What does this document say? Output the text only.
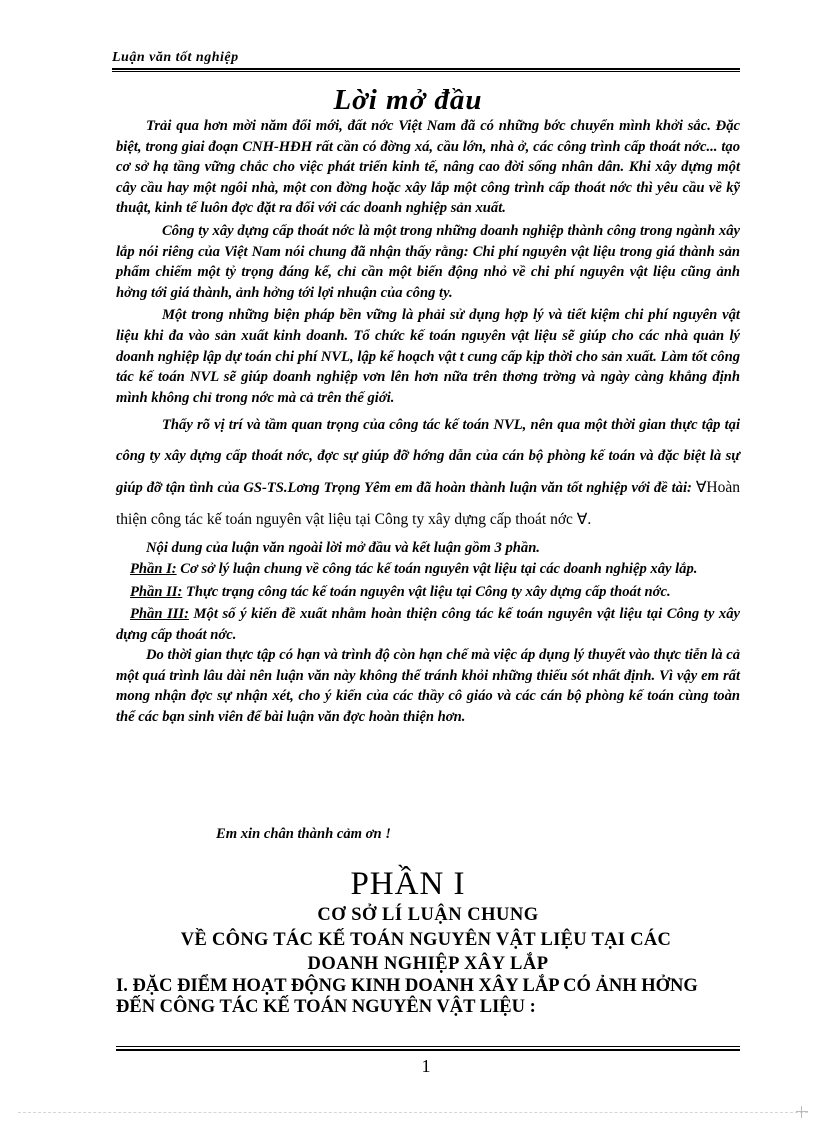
Luận văn tốt nghiệp
Lời mở đầu

Trải qua hơn mời năm đổi mới, đất nớc Việt Nam đã có những bớc chuyển mình khởi sắc. Đặc biệt, trong giai đoạn CNH-HĐH rất cần có đờng xá, cầu lớn, nhà ở, các công trình cấp thoát nớc... tạo cơ sở hạ tầng vững chắc cho việc phát triển kinh tế, nâng cao đời sống nhân dân. Khi xây dựng một cây cầu hay một ngôi nhà, một con đờng hoặc xây lắp một công trình cấp thoát nớc thì yêu cầu về kỹ thuật, kinh tế luôn đợc đặt ra đối với các doanh nghiệp sản xuất.

Công ty xây dựng cấp thoát nớc là một trong những doanh nghiệp thành công trong ngành xây lắp nói riêng của Việt Nam nói chung đã nhận thấy rằng: Chi phí nguyên vật liệu trong giá thành sản phẩm chiếm một tỷ trọng đáng kể, chỉ cần một biến động nhỏ về chi phí nguyên vật liệu cũng ảnh hởng tới giá thành, ảnh hởng tới lợi nhuận của công ty.

Một trong những biện pháp bền vững là phải sử dụng hợp lý và tiết kiệm chi phí nguyên vật liệu khi đa vào sản xuất kinh doanh. Tổ chức kế toán nguyên vật liệu sẽ giúp cho các nhà quản lý doanh nghiệp lập dự toán chi phí NVL, lập kế hoạch vật t cung cấp kịp thời cho sản xuất. Làm tốt công tác kế toán NVL sẽ giúp doanh nghiệp vơn lên hơn nữa trên thơng trờng và ngày càng khẳng định mình không chỉ trong nớc mà cả trên thế giới.

Thấy rõ vị trí và tầm quan trọng của công tác kế toán NVL, nên qua một thời gian thực tập tại công ty xây dựng cấp thoát nớc, đợc sự giúp đỡ hớng dẫn của cán bộ phòng kế toán và đặc biệt là sự giúp đỡ tận tình của GS-TS.Lơng Trọng Yêm em đã hoàn thành luận văn tốt nghiệp với đề tài: ∀Hoàn thiện công tác kế toán nguyên vật liệu tại Công ty xây dựng cấp thoát nớc ∀.

Nội dung của luận văn ngoài lời mở đầu và kết luận gồm 3 phần.

Phần I: Cơ sở lý luận chung về công tác kế toán nguyên vật liệu tại các doanh nghiệp xây lắp.

Phần II: Thực trạng công tác kế toán nguyên vật liệu tại Công ty xây dựng cấp thoát nớc.

Phần III: Một số ý kiến đề xuất nhằm hoàn thiện công tác kế toán nguyên vật liệu tại Công ty xây dựng cấp thoát nớc.

Do thời gian thực tập có hạn và trình độ còn hạn chế mà việc áp dụng lý thuyết vào thực tiễn là cả một quá trình lâu dài nên luận văn này không thể tránh khỏi những thiếu sót nhất định. Vì vậy em rất mong nhận đợc sự nhận xét, cho ý kiến của các thầy cô giáo và các cán bộ phòng kế toán cùng toàn thể các bạn sinh viên để bài luận văn đợc hoàn thiện hơn.

Em xin chân thành cảm ơn !
PHẦN I
CƠ SỞ LÍ LUẬN CHUNG
VỀ CÔNG TÁC KẾ TOÁN NGUYÊN VẬT LIỆU TẠI CÁC
DOANH NGHIỆP XÂY LẮP
I. ĐẶC ĐIỂM HOẠT ĐỘNG KINH DOANH XÂY LẮP CÓ ẢNH HỞNG ĐẾN CÔNG TÁC KẾ TOÁN NGUYÊN VẬT LIỆU :
1
